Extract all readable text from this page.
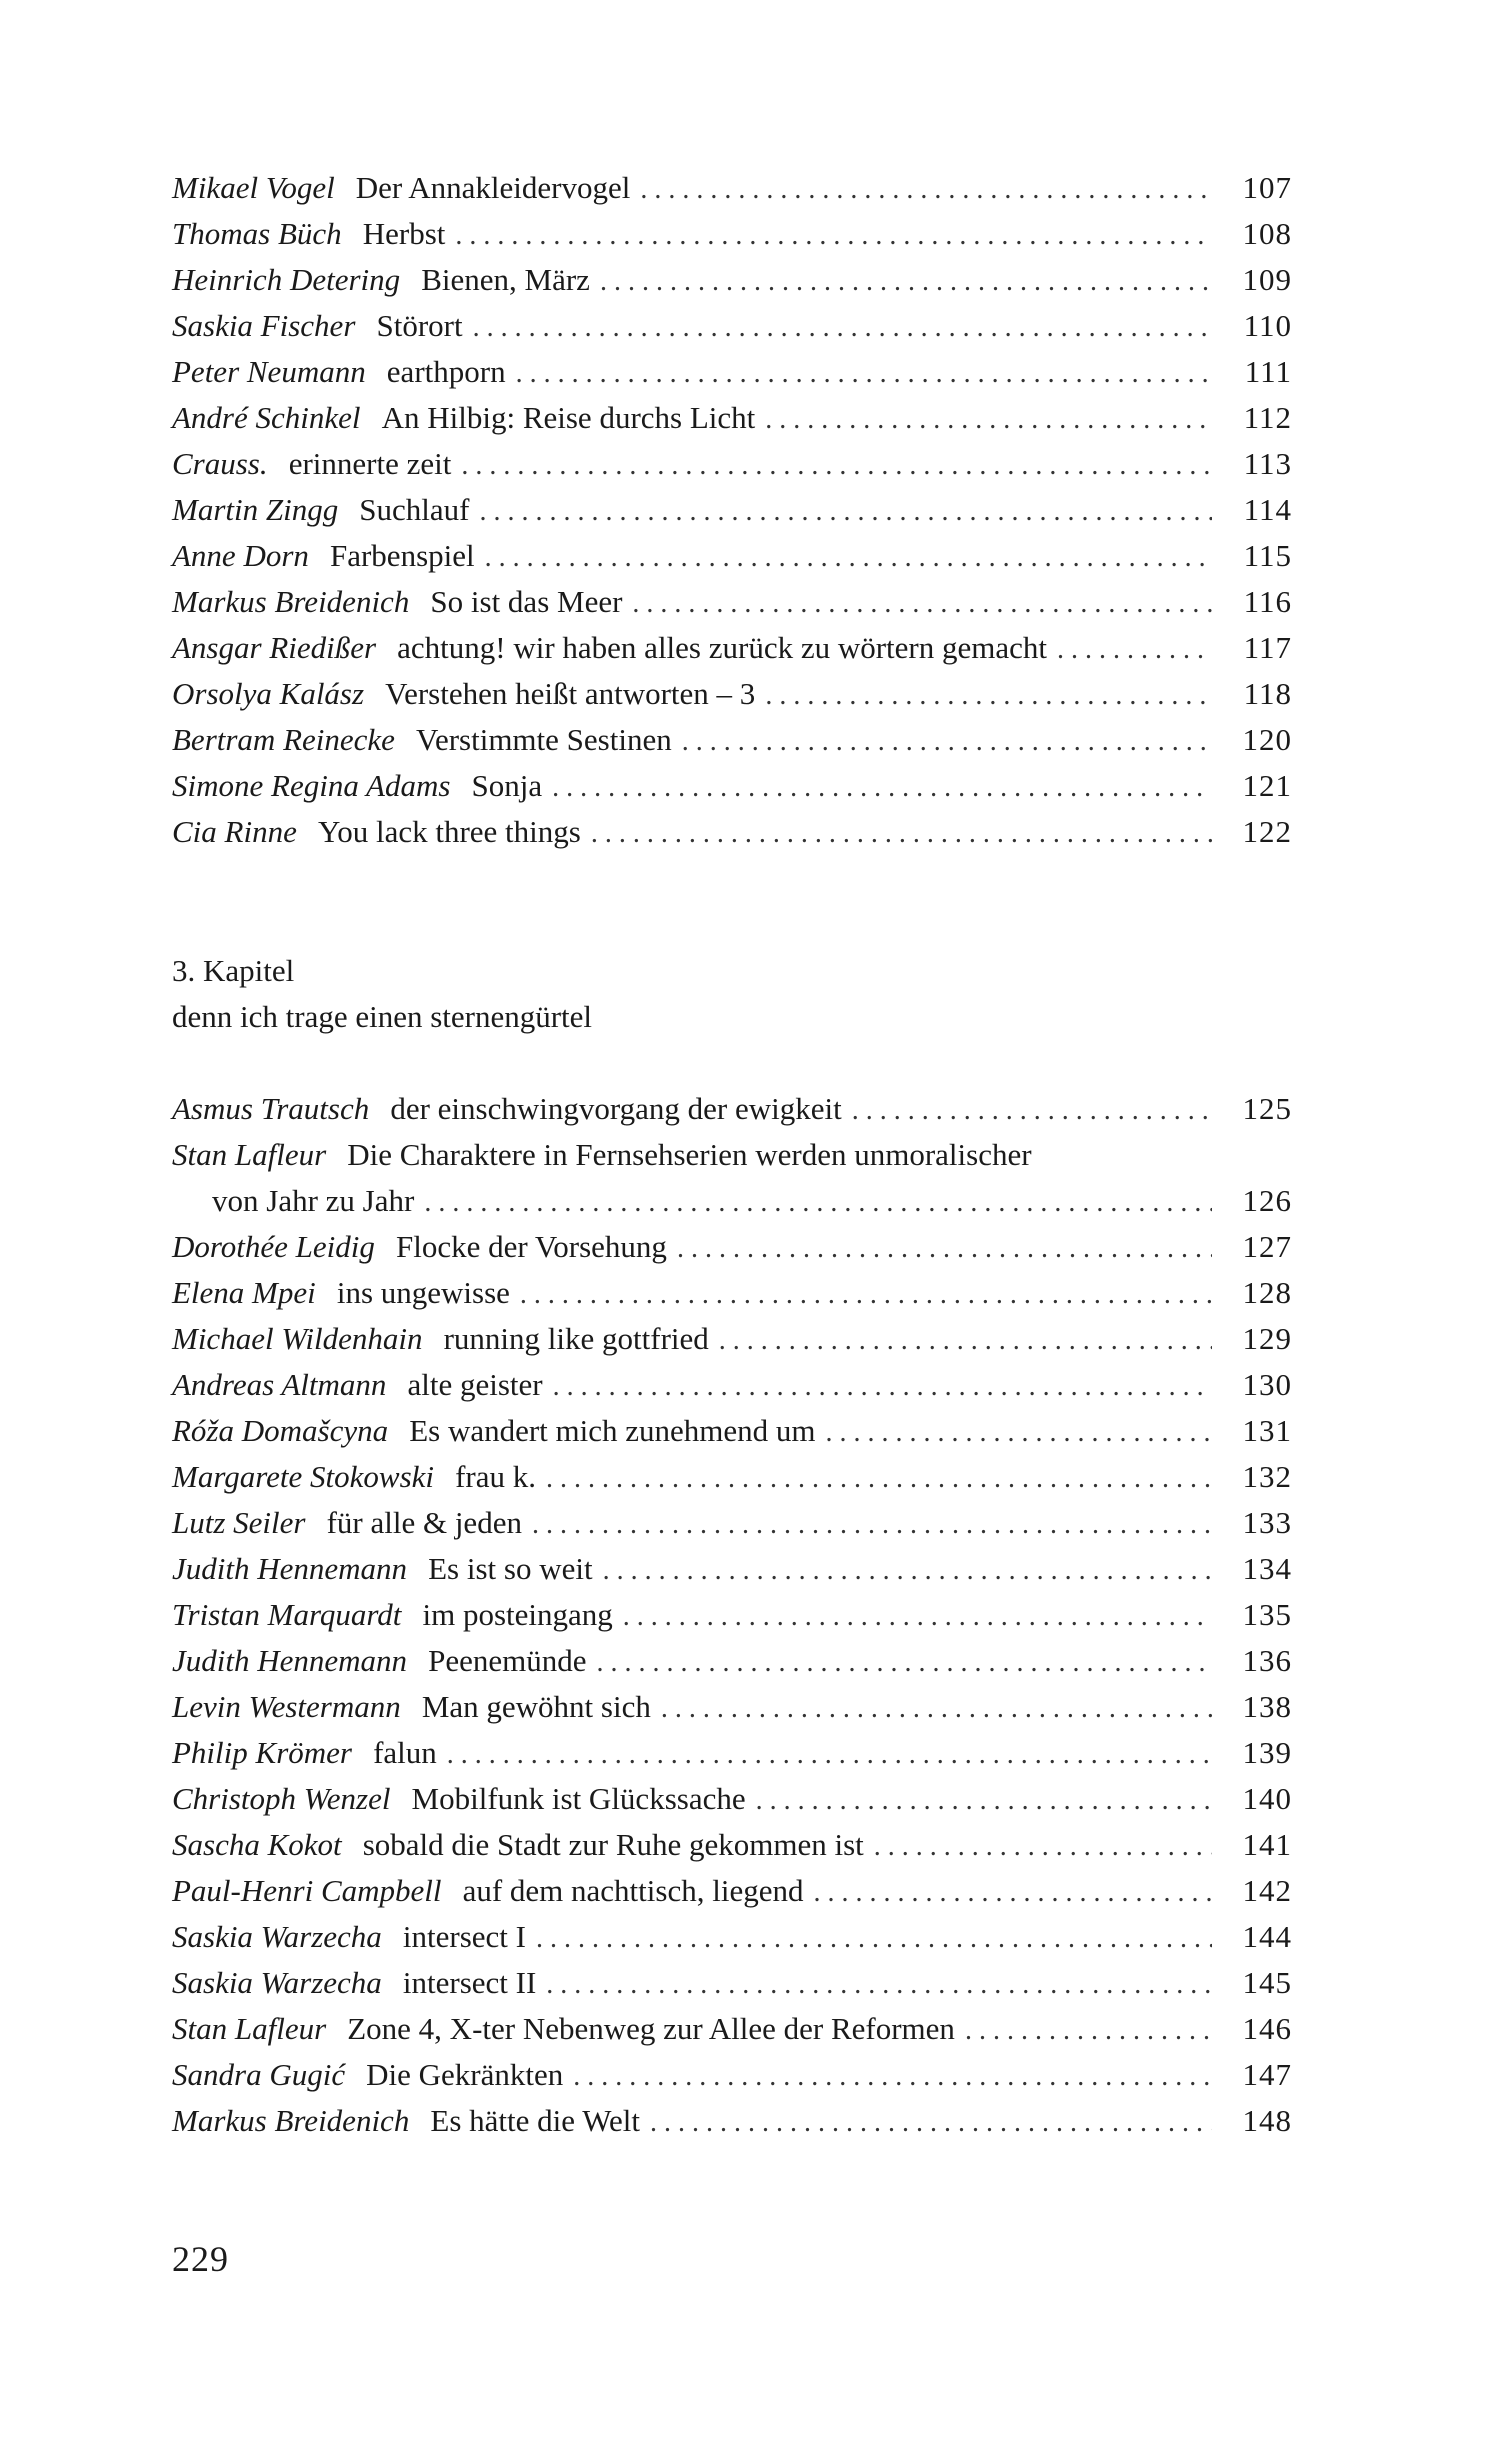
Mikael Vogel Der Annakleidervogel . . .	107
Thomas Büch Herbst . . .	108
Heinrich Detering Bienen, März . . .	109
Saskia Fischer Störort . . .	110
Peter Neumann earthporn . . .	111
André Schinkel An Hilbig: Reise durchs Licht . . .	112
Crauss. erinnerte zeit . . .	113
Martin Zingg Suchlauf . . .	114
Anne Dorn Farbenspiel . . .	115
Markus Breidenich So ist das Meer . . .	116
Ansgar Riedißer achtung! wir haben alles zurück zu wörtern gemacht . . .	117
Orsolya Kalász Verstehen heißt antworten – 3 . . .	118
Bertram Reinecke Verstimmte Sestinen . . .	120
Simone Regina Adams Sonja . . .	121
Cia Rinne You lack three things . . .	122
3. Kapitel
denn ich trage einen sternengürtel
Asmus Trautsch der einschwingvorgang der ewigkeit . . .	125
Stan Lafleur Die Charaktere in Fernsehserien werden unmoralischer
von Jahr zu Jahr . . .	126
Dorothée Leidig Flocke der Vorsehung . . .	127
Elena Mpei ins ungewisse . . .	128
Michael Wildenhain running like gottfried . . .	129
Andreas Altmann alte geister . . .	130
Róža Domašcyna Es wandert mich zunehmend um . . .	131
Margarete Stokowski frau k. . . .	132
Lutz Seiler für alle & jeden . . .	133
Judith Hennemann Es ist so weit . . .	134
Tristan Marquardt im posteingang . . .	135
Judith Hennemann Peenemünde . . .	136
Levin Westermann Man gewöhnt sich . . .	138
Philip Krömer falun . . .	139
Christoph Wenzel Mobilfunk ist Glückssache . . .	140
Sascha Kokot sobald die Stadt zur Ruhe gekommen ist . . .	141
Paul-Henri Campbell auf dem nachttisch, liegend . . .	142
Saskia Warzecha intersect I . . .	144
Saskia Warzecha intersect II . . .	145
Stan Lafleur Zone 4, X-ter Nebenweg zur Allee der Reformen . . .	146
Sandra Gugić Die Gekränkten . . .	147
Markus Breidenich Es hätte die Welt . . .	148
229
